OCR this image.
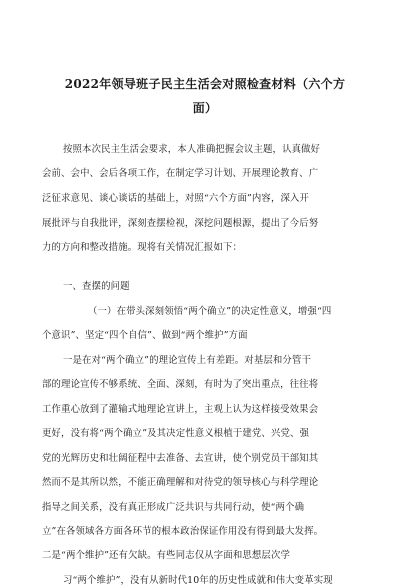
2022年领导班子民主生活会对照检查材料（六个方
面）
按照本次民主生活会要求，本人准确把握会议主题，认真做好
会前、会中、会后各项工作，在制定学习计划、开展理论教育、广
泛征求意见、谈心谈话的基础上，对照“六个方面”内容，深入开
展批评与自我批评，深刻查摆检视，深挖问题根源，提出了今后努
力的方向和整改措施。现将有关情况汇报如下：
一、查摆的问题
（一）在带头深刻领悟“两个确立”的决定性意义，增强“四
个意识”、坚定“四个自信”、做到“两个维护”方面
一是在对“两个确立”的理论宣传上有差距。对基层和分管干
部的理论宣传不够系统、全面、深刻，有时为了突出重点，往往将
工作重心放到了灌输式地理论宣讲上，主观上认为这样接受效果会
更好，没有将“两个确立”及其决定性意义根植于建党、兴党、强
党的光辉历史和壮阔征程中去准备、去宣讲，使个别党员干部知其
然而不是其所以然，不能正确理解和对待党的领导核心与科学理论
指导之间关系，没有真正形成广泛共识与共同行动，使“两个确
立”在各领域各方面各环节的根本政治保证作用没有得到最大发挥。
二是“两个维护”还有欠缺。有些同志仅从字面和思想层次学
习“两个维护”，没有从新时代10年的历史性成就和伟大变革实现
